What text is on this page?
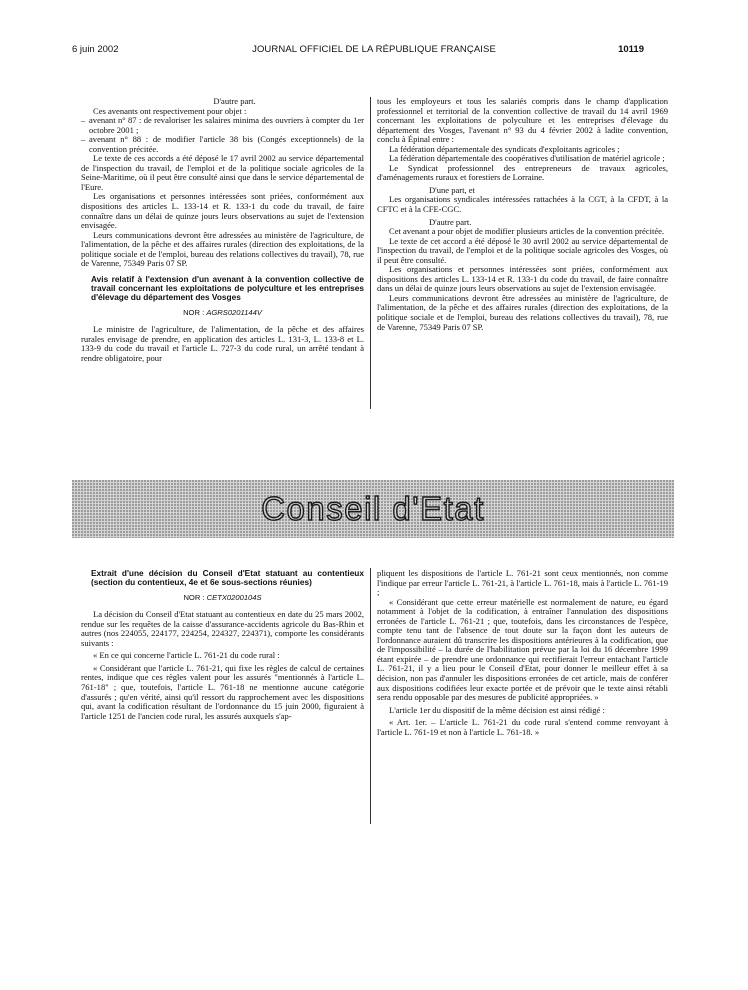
6 juin 2002	JOURNAL OFFICIEL DE LA RÉPUBLIQUE FRANÇAISE	10119

D'autre part.

Ces avenants ont respectivement pour objet :

– avenant n° 87 : de revaloriser les salaires minima des ouvriers à compter du 1er octobre 2001 ;

– avenant n° 88 : de modifier l'article 38 bis (Congés exceptionnels) de la convention précitée.

Le texte de ces accords a été déposé le 17 avril 2002 au service départemental de l'inspection du travail, de l'emploi et de la politique sociale agricoles de la Seine-Maritime, où il peut être consulté ainsi que dans le service départemental de l'Eure.

Les organisations et personnes intéressées sont priées, conformément aux dispositions des articles L. 133-14 et R. 133-1 du code du travail, de faire connaître dans un délai de quinze jours leurs observations au sujet de l'extension envisagée.

Leurs communications devront être adressées au ministère de l'agriculture, de l'alimentation, de la pêche et des affaires rurales (direction des exploitations, de la politique sociale et de l'emploi, bureau des relations collectives du travail), 78, rue de Varenne, 75349 Paris 07 SP.

Avis relatif à l'extension d'un avenant à la convention collective de travail concernant les exploitations de polyculture et les entreprises d'élevage du département des Vosges

NOR : AGRS0201144V

Le ministre de l'agriculture, de l'alimentation, de la pêche et des affaires rurales envisage de prendre, en application des articles L. 131-3, L. 133-8 et L. 133-9 du code du travail et l'article L. 727-3 du code rural, un arrêté tendant à rendre obligatoire, pour

tous les employeurs et tous les salariés compris dans le champ d'application professionnel et territorial de la convention collective de travail du 14 avril 1969 concernant les exploitations de polyculture et les entreprises d'élevage du département des Vosges, l'avenant n° 93 du 4 février 2002 à ladite convention, conclu à Épinal entre :

La fédération départementale des syndicats d'exploitants agricoles ;

La fédération départementale des coopératives d'utilisation de matériel agricole ;

Le Syndicat professionnel des entrepreneurs de travaux agricoles, d'aménagements ruraux et forestiers de Lorraine.

D'une part, et

Les organisations syndicales intéressées rattachées à la CGT, à la CFDT, à la CFTC et à la CFE-CGC.

D'autre part.

Cet avenant a pour objet de modifier plusieurs articles de la convention précitée.

Le texte de cet accord a été déposé le 30 avril 2002 au service départemental de l'inspection du travail, de l'emploi et de la politique sociale agricoles des Vosges, où il peut être consulté.

Les organisations et personnes intéressées sont priées, conformément aux dispositions des articles L. 133-14 et R. 133-1 du code du travail, de faire connaître dans un délai de quinze jours leurs observations au sujet de l'extension envisagée.

Leurs communications devront être adressées au ministère de l'agriculture, de l'alimentation, de la pêche et des affaires rurales (direction des exploitations, de la politique sociale et de l'emploi, bureau des relations collectives du travail), 78, rue de Varenne, 75349 Paris 07 SP.

Conseil d'Etat

Extrait d'une décision du Conseil d'Etat statuant au contentieux (section du contentieux, 4e et 6e sous-sections réunies)

NOR : CETX0200104S

La décision du Conseil d'Etat statuant au contentieux en date du 25 mars 2002, rendue sur les requêtes de la caisse d'assurance-accidents agricole du Bas-Rhin et autres (nos 224055, 224177, 224254, 224327, 224371), comporte les considérants suivants :

« En ce qui concerne l'article L. 761-21 du code rural :

« Considérant que l'article L. 761-21, qui fixe les règles de calcul de certaines rentes, indique que ces règles valent pour les assurés "mentionnés à l'article L. 761-18" ; que, toutefois, l'article L. 761-18 ne mentionne aucune catégorie d'assurés ; qu'en vérité, ainsi qu'il ressort du rapprochement avec les dispositions qui, avant la codification résultant de l'ordonnance du 15 juin 2000, figuraient à l'article 1251 de l'ancien code rural, les assurés auxquels s'ap-

pliquent les dispositions de l'article L. 761-21 sont ceux mentionnés, non comme l'indique par erreur l'article L. 761-21, à l'article L. 761-18, mais à l'article L. 761-19 ;

« Considérant que cette erreur matérielle est normalement de nature, eu égard notamment à l'objet de la codification, à entraîner l'annulation des dispositions erronées de l'article L. 761-21 ; que, toutefois, dans les circonstances de l'espèce, compte tenu tant de l'absence de tout doute sur la façon dont les auteurs de l'ordonnance auraient dû transcrire les dispositions antérieures à la codification, que de l'impossibilité – la durée de l'habilitation prévue par la loi du 16 décembre 1999 étant expirée – de prendre une ordonnance qui rectifierait l'erreur entachant l'article L. 761-21, il y a lieu pour le Conseil d'Etat, pour donner le meilleur effet à sa décision, non pas d'annuler les dispositions erronées de cet article, mais de conférer aux dispositions codifiées leur exacte portée et de prévoir que le texte ainsi rétabli sera rendu opposable par des mesures de publicité appropriées. »

L'article 1er du dispositif de la même décision est ainsi rédigé :

« Art. 1er. – L'article L. 761-21 du code rural s'entend comme renvoyant à l'article L. 761-19 et non à l'article L. 761-18. »
